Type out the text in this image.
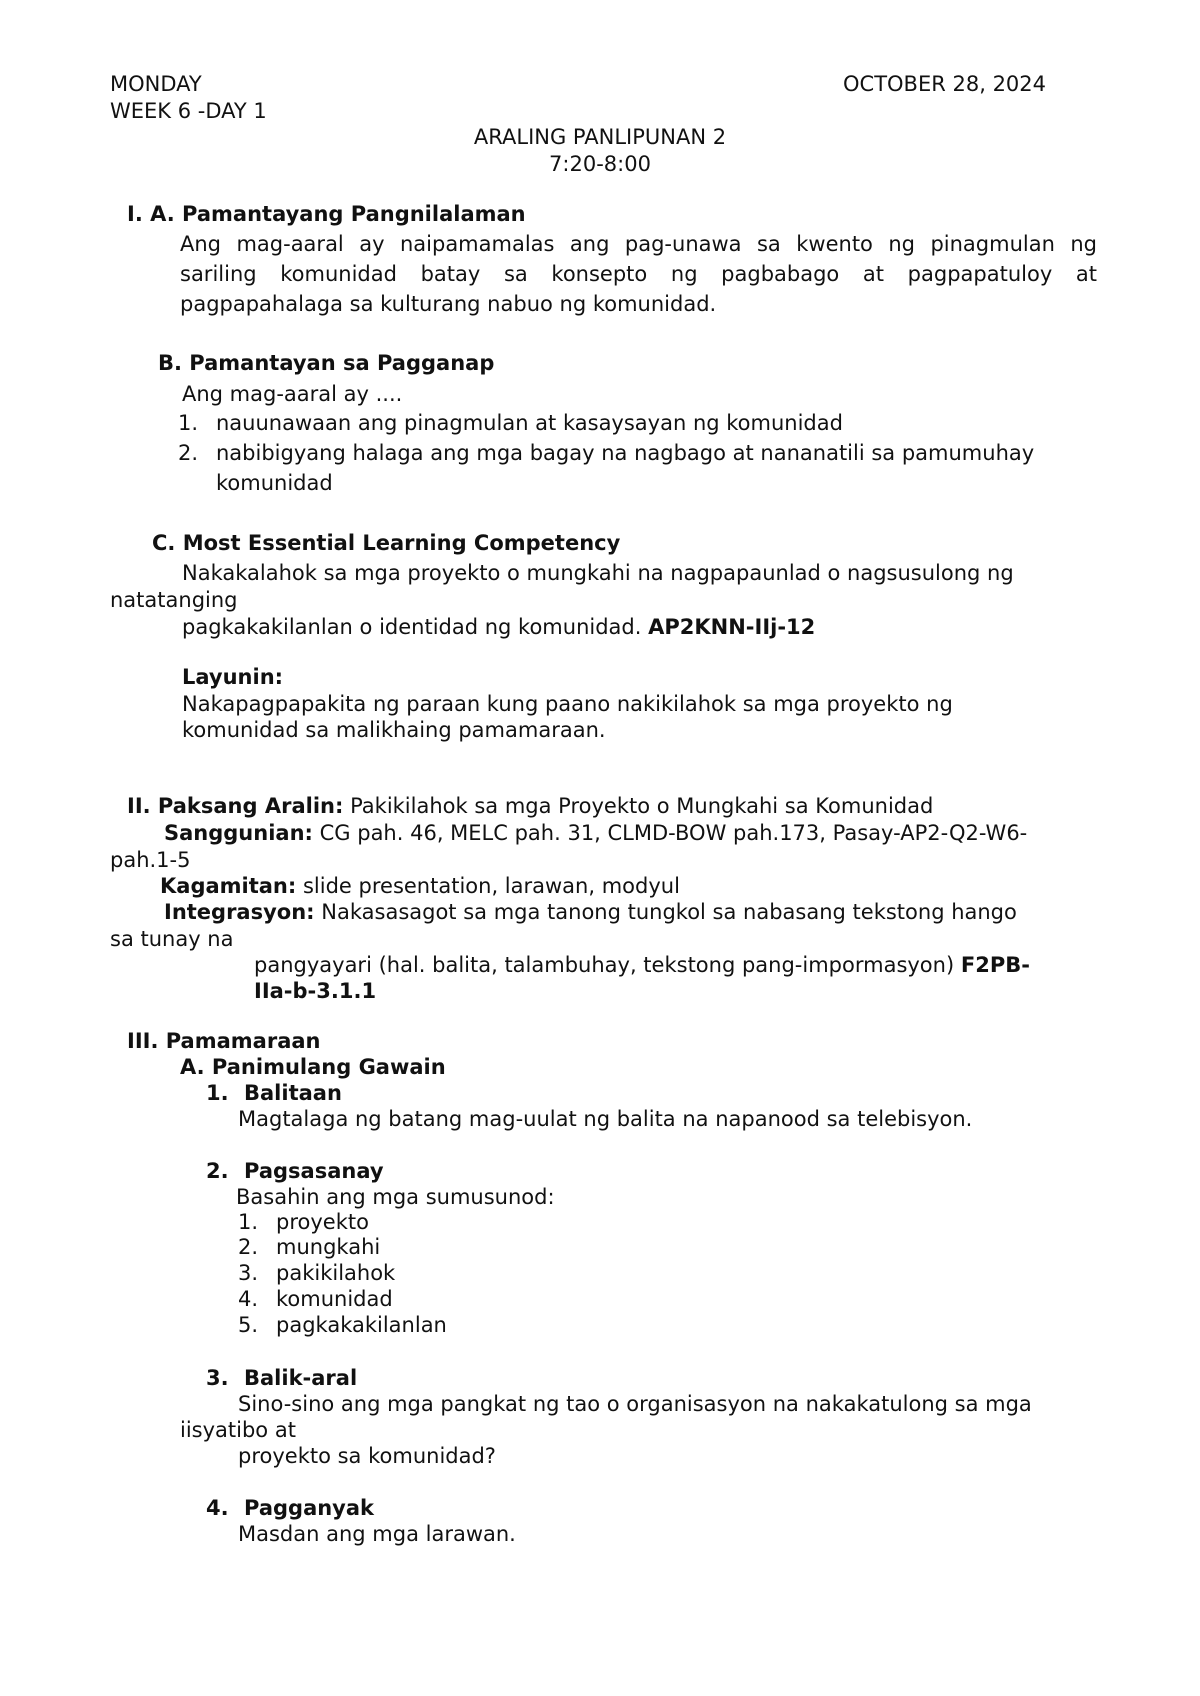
MONDAY	OCTOBER 28, 2024
WEEK 6 -DAY 1
ARALING PANLIPUNAN 2
7:20-8:00
I. A. Pamantayang Pangnilalaman
Ang mag-aaral ay naipamamalas ang pag-unawa sa kwento ng pinagmulan ng
sariling komunidad batay sa konsepto ng pagbabago at pagpapatuloy at
pagpapahalaga sa kulturang nabuo ng komunidad.
B. Pamantayan sa Pagganap
Ang mag-aaral ay ....
1. nauunawaan ang pinagmulan at kasaysayan ng komunidad
2. nabibigyang halaga ang mga bagay na nagbago at nananatili sa pamumuhay
komunidad
C. Most Essential Learning Competency
Nakakalahok sa mga proyekto o mungkahi na nagpapaunlad o nagsusulong ng
natatanging
pagkakakilanlan o identidad ng komunidad. AP2KNN-IIj-12
Layunin:
Nakapagpapakita ng paraan kung paano nakikilahok sa mga proyekto ng
komunidad sa malikhaing pamamaraan.
II. Paksang Aralin: Pakikilahok sa mga Proyekto o Mungkahi sa Komunidad
Sanggunian: CG pah. 46, MELC pah. 31, CLMD-BOW pah.173, Pasay-AP2-Q2-W6-
pah.1-5
Kagamitan: slide presentation, larawan, modyul
Integrasyon: Nakasasagot sa mga tanong tungkol sa nabasang tekstong hango
sa tunay na
pangyayari (hal. balita, talambuhay, tekstong pang-impormasyon) F2PB-
IIa-b-3.1.1
III. Pamamaraan
A. Panimulang Gawain
1. Balitaan
Magtalaga ng batang mag-uulat ng balita na napanood sa telebisyon.
2. Pagsasanay
Basahin ang mga sumusunod:
1. proyekto
2. mungkahi
3. pakikilahok
4. komunidad
5. pagkakakilanlan
3. Balik-aral
Sino-sino ang mga pangkat ng tao o organisasyon na nakakatulong sa mga
iisyatibo at
proyekto sa komunidad?
4. Pagganyak
Masdan ang mga larawan.
